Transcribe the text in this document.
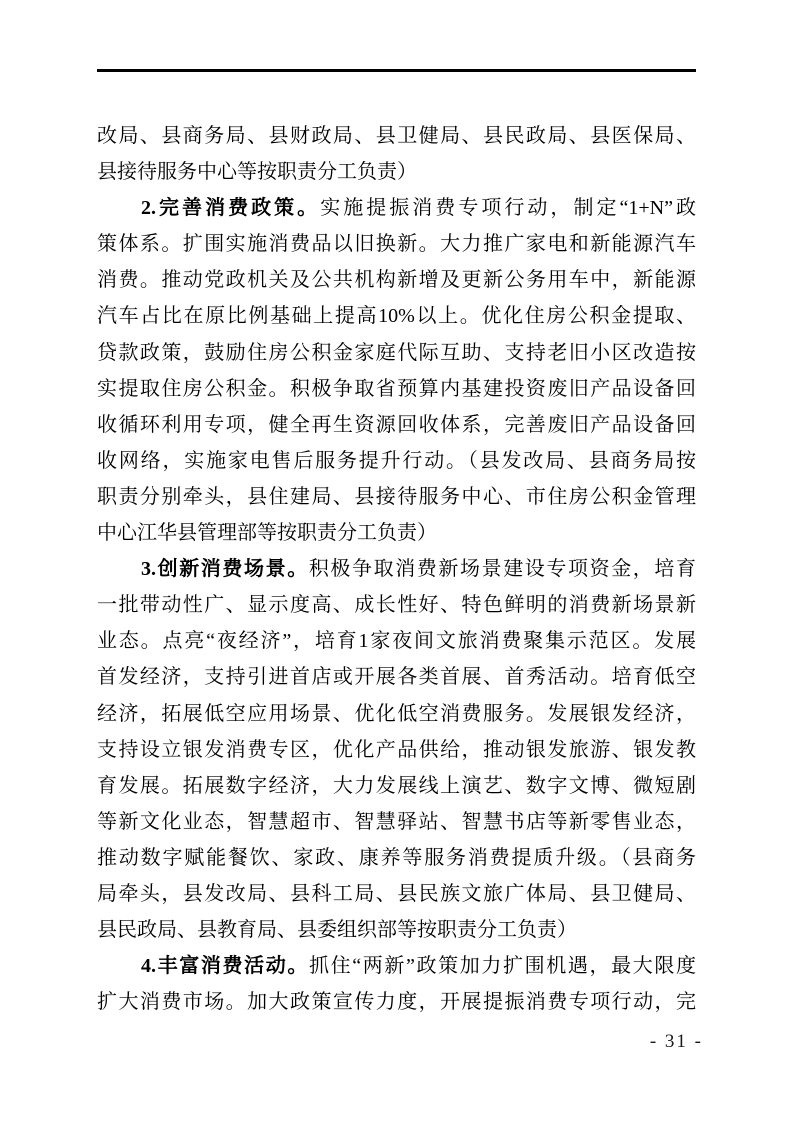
改局、县商务局、县财政局、县卫健局、县民政局、县医保局、
县接待服务中心等按职责分工负责）
2.完善消费政策。实施提振消费专项行动，制定“1+N”政
策体系。扩围实施消费品以旧换新。大力推广家电和新能源汽车
消费。推动党政机关及公共机构新增及更新公务用车中，新能源
汽车占比在原比例基础上提高10%以上。优化住房公积金提取、
贷款政策，鼓励住房公积金家庭代际互助、支持老旧小区改造按
实提取住房公积金。积极争取省预算内基建投资废旧产品设备回
收循环利用专项，健全再生资源回收体系，完善废旧产品设备回
收网络，实施家电售后服务提升行动。（县发改局、县商务局按
职责分别牵头，县住建局、县接待服务中心、市住房公积金管理
中心江华县管理部等按职责分工负责）
3.创新消费场景。积极争取消费新场景建设专项资金，培育
一批带动性广、显示度高、成长性好、特色鲜明的消费新场景新
业态。点亮“夜经济”，培育1家夜间文旅消费聚集示范区。发展
首发经济，支持引进首店或开展各类首展、首秀活动。培育低空
经济，拓展低空应用场景、优化低空消费服务。发展银发经济，
支持设立银发消费专区，优化产品供给，推动银发旅游、银发教
育发展。拓展数字经济，大力发展线上演艺、数字文博、微短剧
等新文化业态，智慧超市、智慧驿站、智慧书店等新零售业态，
推动数字赋能餐饮、家政、康养等服务消费提质升级。（县商务
局牵头，县发改局、县科工局、县民族文旅广体局、县卫健局、
县民政局、县教育局、县委组织部等按职责分工负责）
4.丰富消费活动。抓住“两新”政策加力扩围机遇，最大限度
扩大消费市场。加大政策宣传力度，开展提振消费专项行动，完
- 31 -
